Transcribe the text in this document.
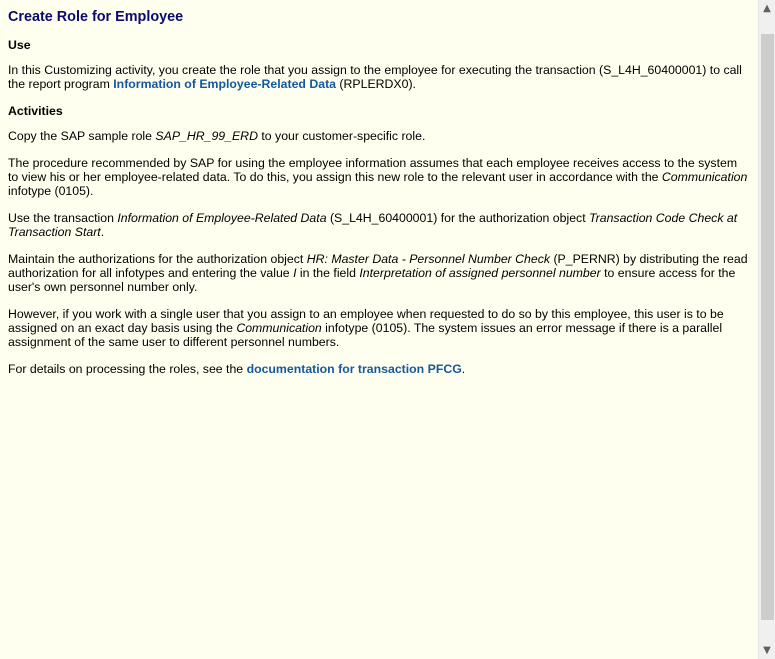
Create Role for Employee
Use

In this Customizing activity, you create the role that you assign to the employee for executing the transaction (S_L4H_60400001) to call the report program Information of Employee-Related Data (RPLERDX0).

Activities

Copy the SAP sample role SAP_HR_99_ERD to your customer-specific role.

The procedure recommended by SAP for using the employee information assumes that each employee receives access to the system to view his or her employee-related data. To do this, you assign this new role to the relevant user in accordance with the Communication infotype (0105).

Use the transaction Information of Employee-Related Data (S_L4H_60400001) for the authorization object Transaction Code Check at Transaction Start.

Maintain the authorizations for the authorization object HR: Master Data - Personnel Number Check (P_PERNR) by distributing the read authorization for all infotypes and entering the value I in the field Interpretation of assigned personnel number to ensure access for the user's own personnel number only.

However, if you work with a single user that you assign to an employee when requested to do so by this employee, this user is to be assigned on an exact day basis using the Communication infotype (0105). The system issues an error message if there is a parallel assignment of the same user to different personnel numbers.

For details on processing the roles, see the documentation for transaction PFCG.

▲
▼
